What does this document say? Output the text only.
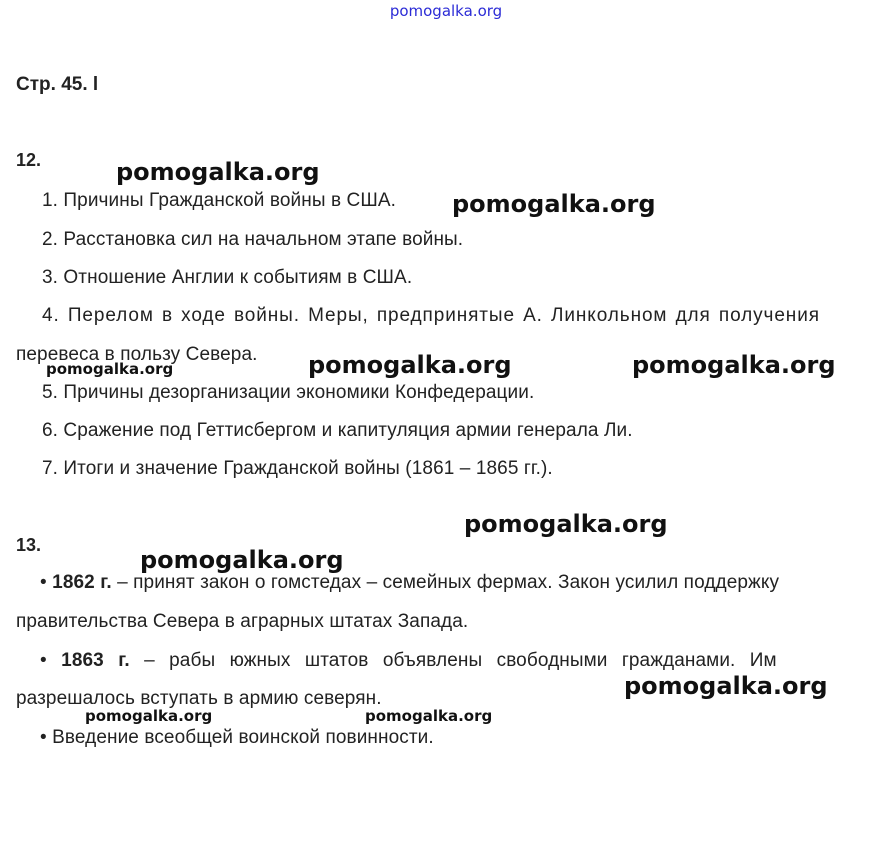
pomogalka.org
Стр. 45. l
12.
1. Причины Гражданской войны в США.
2. Расстановка сил на начальном этапе войны.
3. Отношение Англии к событиям в США.
4. Перелом в ходе войны. Меры, предпринятые А. Линкольном для получения
перевеса в пользу Севера.
5. Причины дезорганизации экономики Конфедерации.
6. Сражение под Геттисбергом и капитуляция армии генерала Ли.
7. Итоги и значение Гражданской войны (1861 – 1865 гг.).
13.
• 1862 г. – принят закон о гомстедах – семейных фермах. Закон усилил поддержку
правительства Севера в аграрных штатах Запада.
• 1863 г. – рабы южных штатов объявлены свободными гражданами. Им
разрешалось вступать в армию северян.
• Введение всеобщей воинской повинности.
pomogalka.org
pomogalka.org
pomogalka.org	pomogalka.org	pomogalka.org
pomogalka.org
pomogalka.org
pomogalka.org
pomogalka.org	pomogalka.org
